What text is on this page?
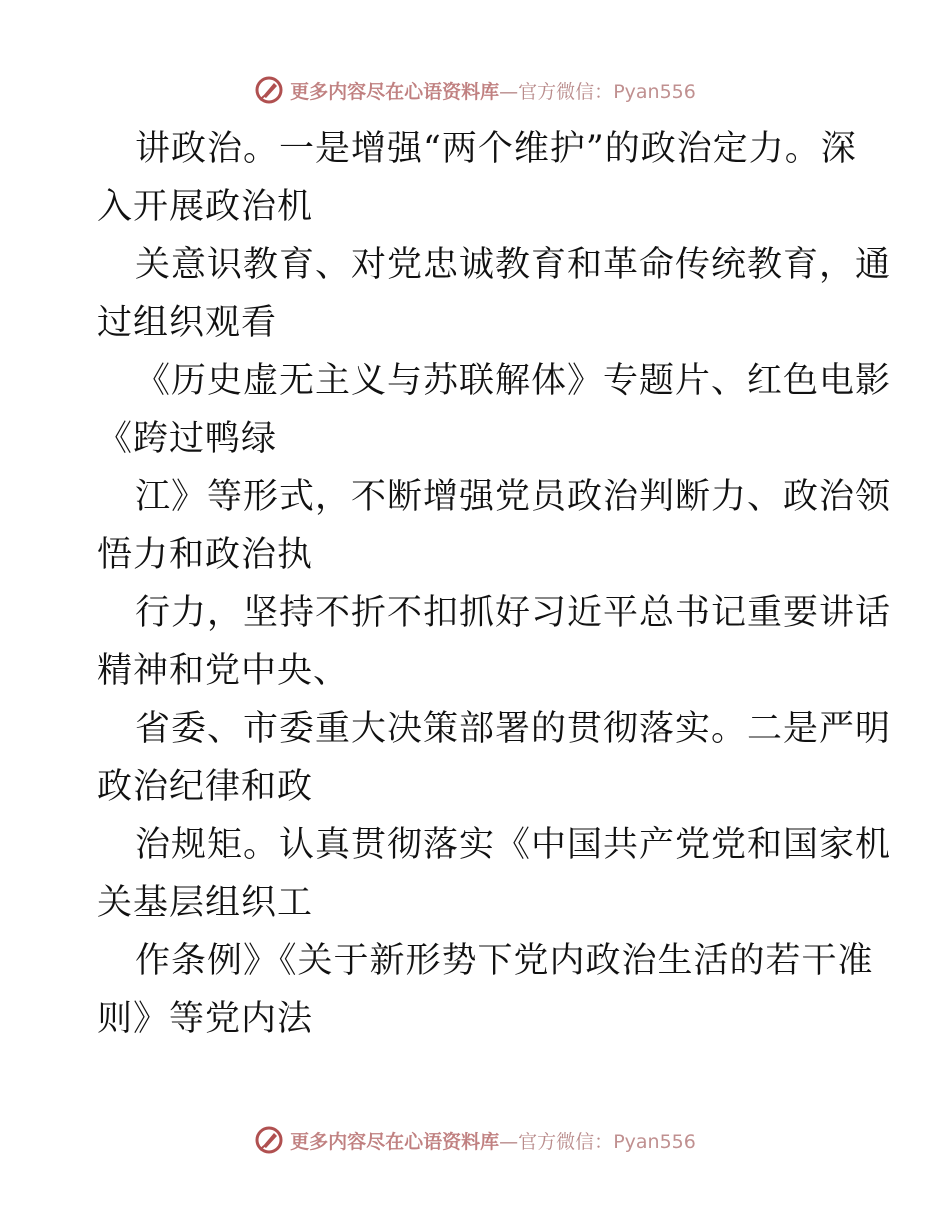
更多内容尽在心语资料库—官方微信：Pyan556
讲政治。一是增强“两个维护”的政治定力。深
入开展政治机
关意识教育、对党忠诚教育和革命传统教育，通
过组织观看
《历史虚无主义与苏联解体》专题片、红色电影
《跨过鸭绿
江》等形式，不断增强党员政治判断力、政治领
悟力和政治执
行力，坚持不折不扣抓好习近平总书记重要讲话
精神和党中央、
省委、市委重大决策部署的贯彻落实。二是严明
政治纪律和政
治规矩。认真贯彻落实《中国共产党党和国家机
关基层组织工
作条例》《关于新形势下党内政治生活的若干准
则》等党内法
更多内容尽在心语资料库—官方微信：Pyan556
